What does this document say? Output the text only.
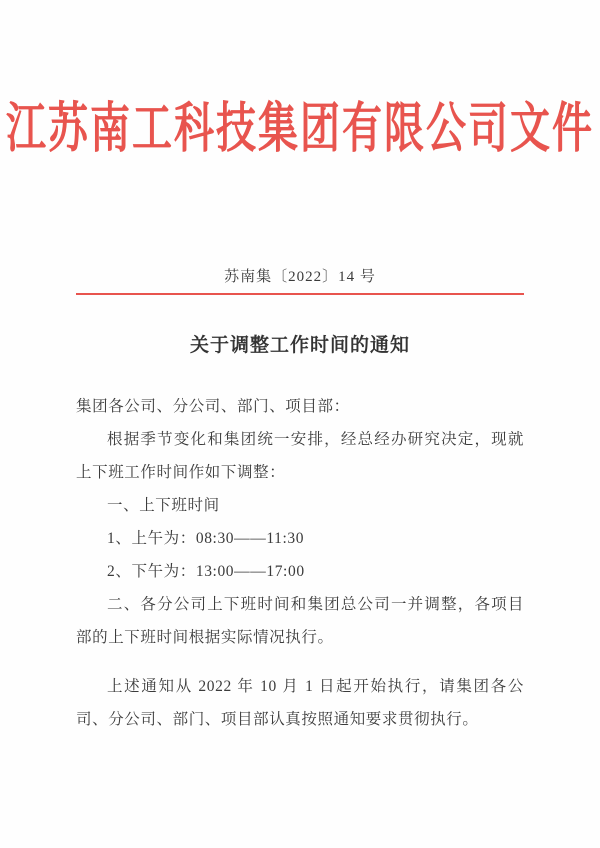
江苏南工科技集团有限公司文件
苏南集〔2022〕14 号
关于调整工作时间的通知

集团各公司、分公司、部门、项目部：

根据季节变化和集团统一安排，经总经办研究决定，现就上下班工作时间作如下调整：

一、上下班时间

1、上午为：08:30——11:30

2、下午为：13:00——17:00

二、各分公司上下班时间和集团总公司一并调整，各项目部的上下班时间根据实际情况执行。

上述通知从 2022 年 10 月 1 日起开始执行，请集团各公司、分公司、部门、项目部认真按照通知要求贯彻执行。
